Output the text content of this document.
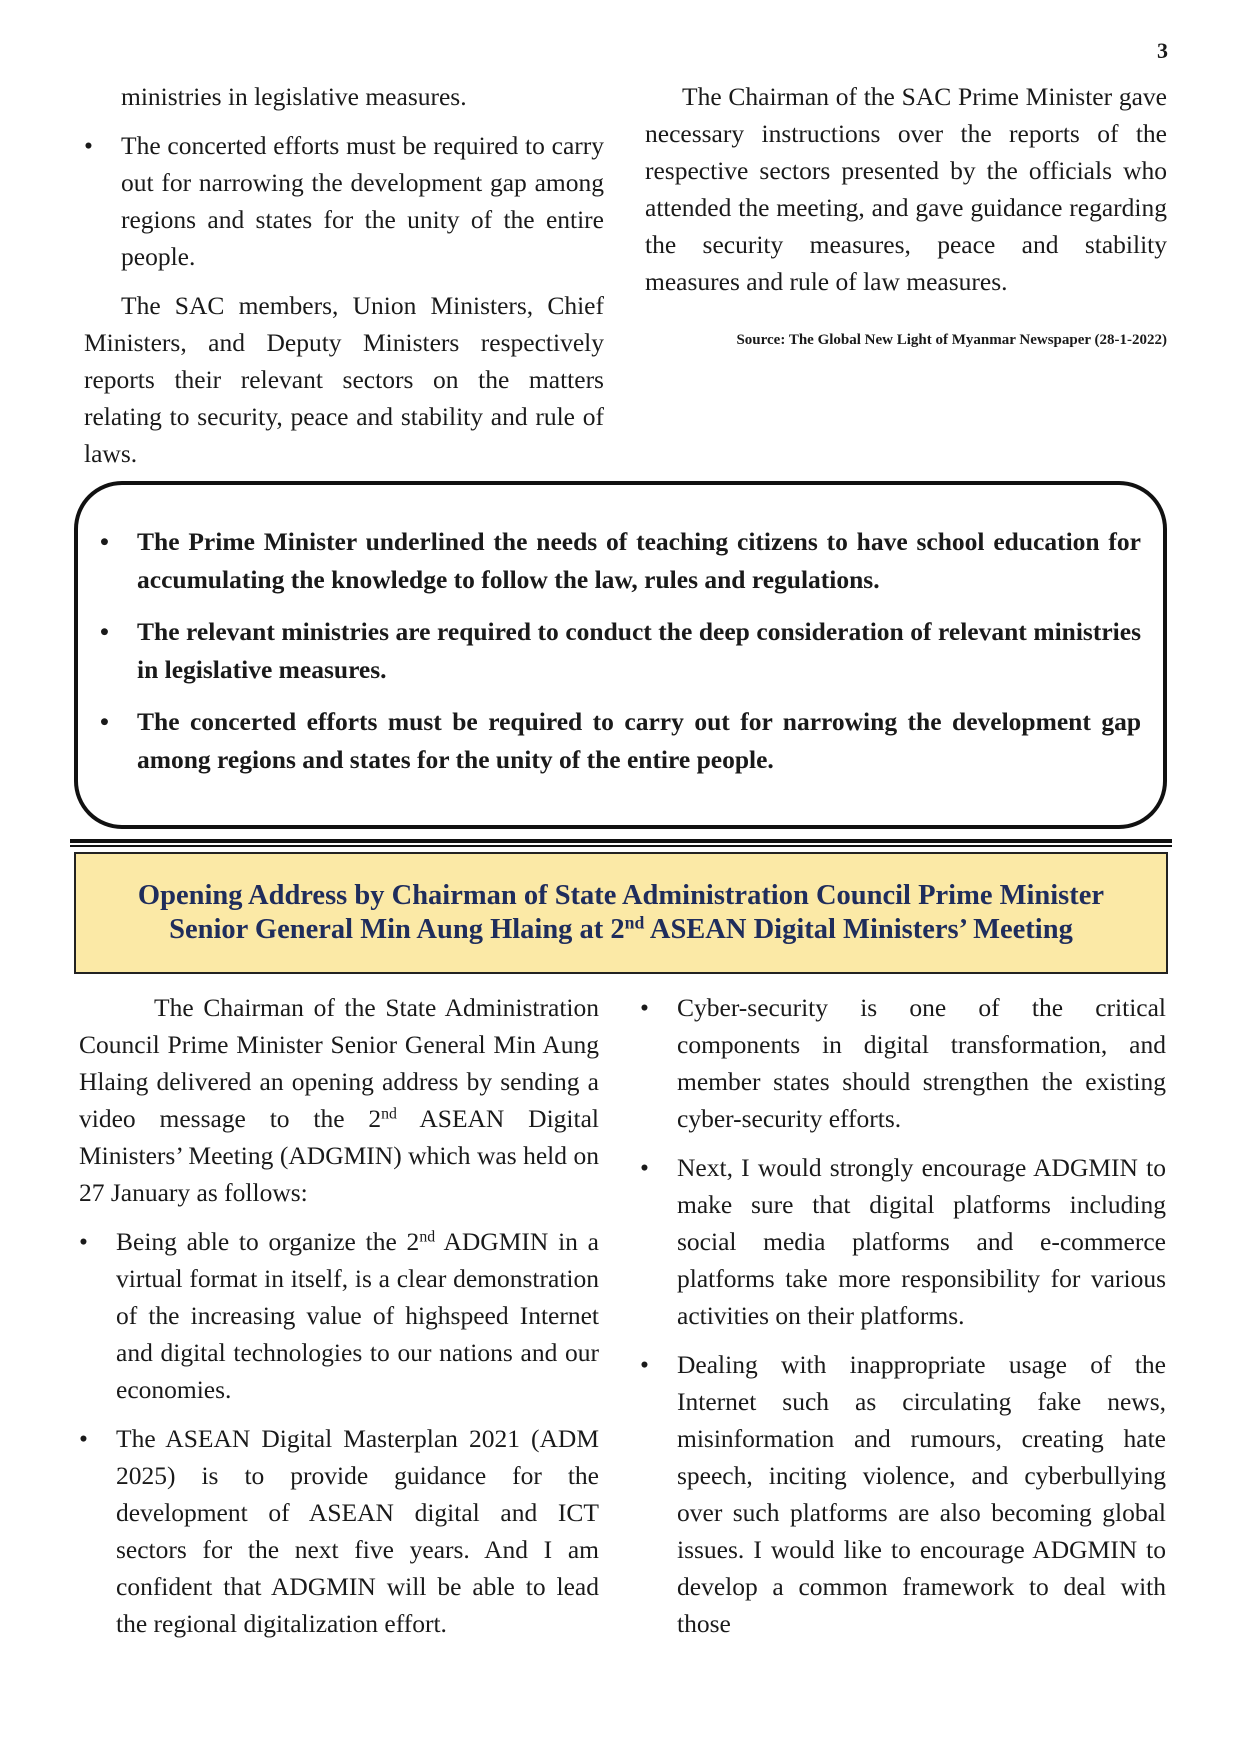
3

ministries in legislative measures.

• The concerted efforts must be required to carry out for narrowing the development gap among regions and states for the unity of the entire people.

The SAC members, Union Ministers, Chief Ministers, and Deputy Ministers respectively reports their relevant sectors on the matters relating to security, peace and stability and rule of laws.

The Chairman of the SAC Prime Minister gave necessary instructions over the reports of the respective sectors presented by the officials who attended the meeting, and gave guidance regarding the security measures, peace and stability measures and rule of law measures.

Source: The Global New Light of Myanmar Newspaper (28-1-2022)
• The Prime Minister underlined the needs of teaching citizens to have school education for accumulating the knowledge to follow the law, rules and regulations.
• The relevant ministries are required to conduct the deep consideration of relevant ministries in legislative measures.
• The concerted efforts must be required to carry out for narrowing the development gap among regions and states for the unity of the entire people.
Opening Address by Chairman of State Administration Council Prime Minister
Senior General Min Aung Hlaing at 2nd ASEAN Digital Ministers’ Meeting

The Chairman of the State Administration Council Prime Minister Senior General Min Aung Hlaing delivered an opening address by sending a video message to the 2nd ASEAN Digital Ministers’ Meeting (ADGMIN) which was held on 27 January as follows:

• Being able to organize the 2nd ADGMIN in a virtual format in itself, is a clear demonstration of the increasing value of highspeed Internet and digital technologies to our nations and our economies.
• The ASEAN Digital Masterplan 2021 (ADM 2025) is to provide guidance for the development of ASEAN digital and ICT sectors for the next five years. And I am confident that ADGMIN will be able to lead the regional digitalization effort.
• Cyber-security is one of the critical components in digital transformation, and member states should strengthen the existing cyber-security efforts.
• Next, I would strongly encourage ADGMIN to make sure that digital platforms including social media platforms and e-commerce platforms take more responsibility for various activities on their platforms.
• Dealing with inappropriate usage of the Internet such as circulating fake news, misinformation and rumours, creating hate speech, inciting violence, and cyberbullying over such platforms are also becoming global issues. I would like to encourage ADGMIN to develop a common framework to deal with those
